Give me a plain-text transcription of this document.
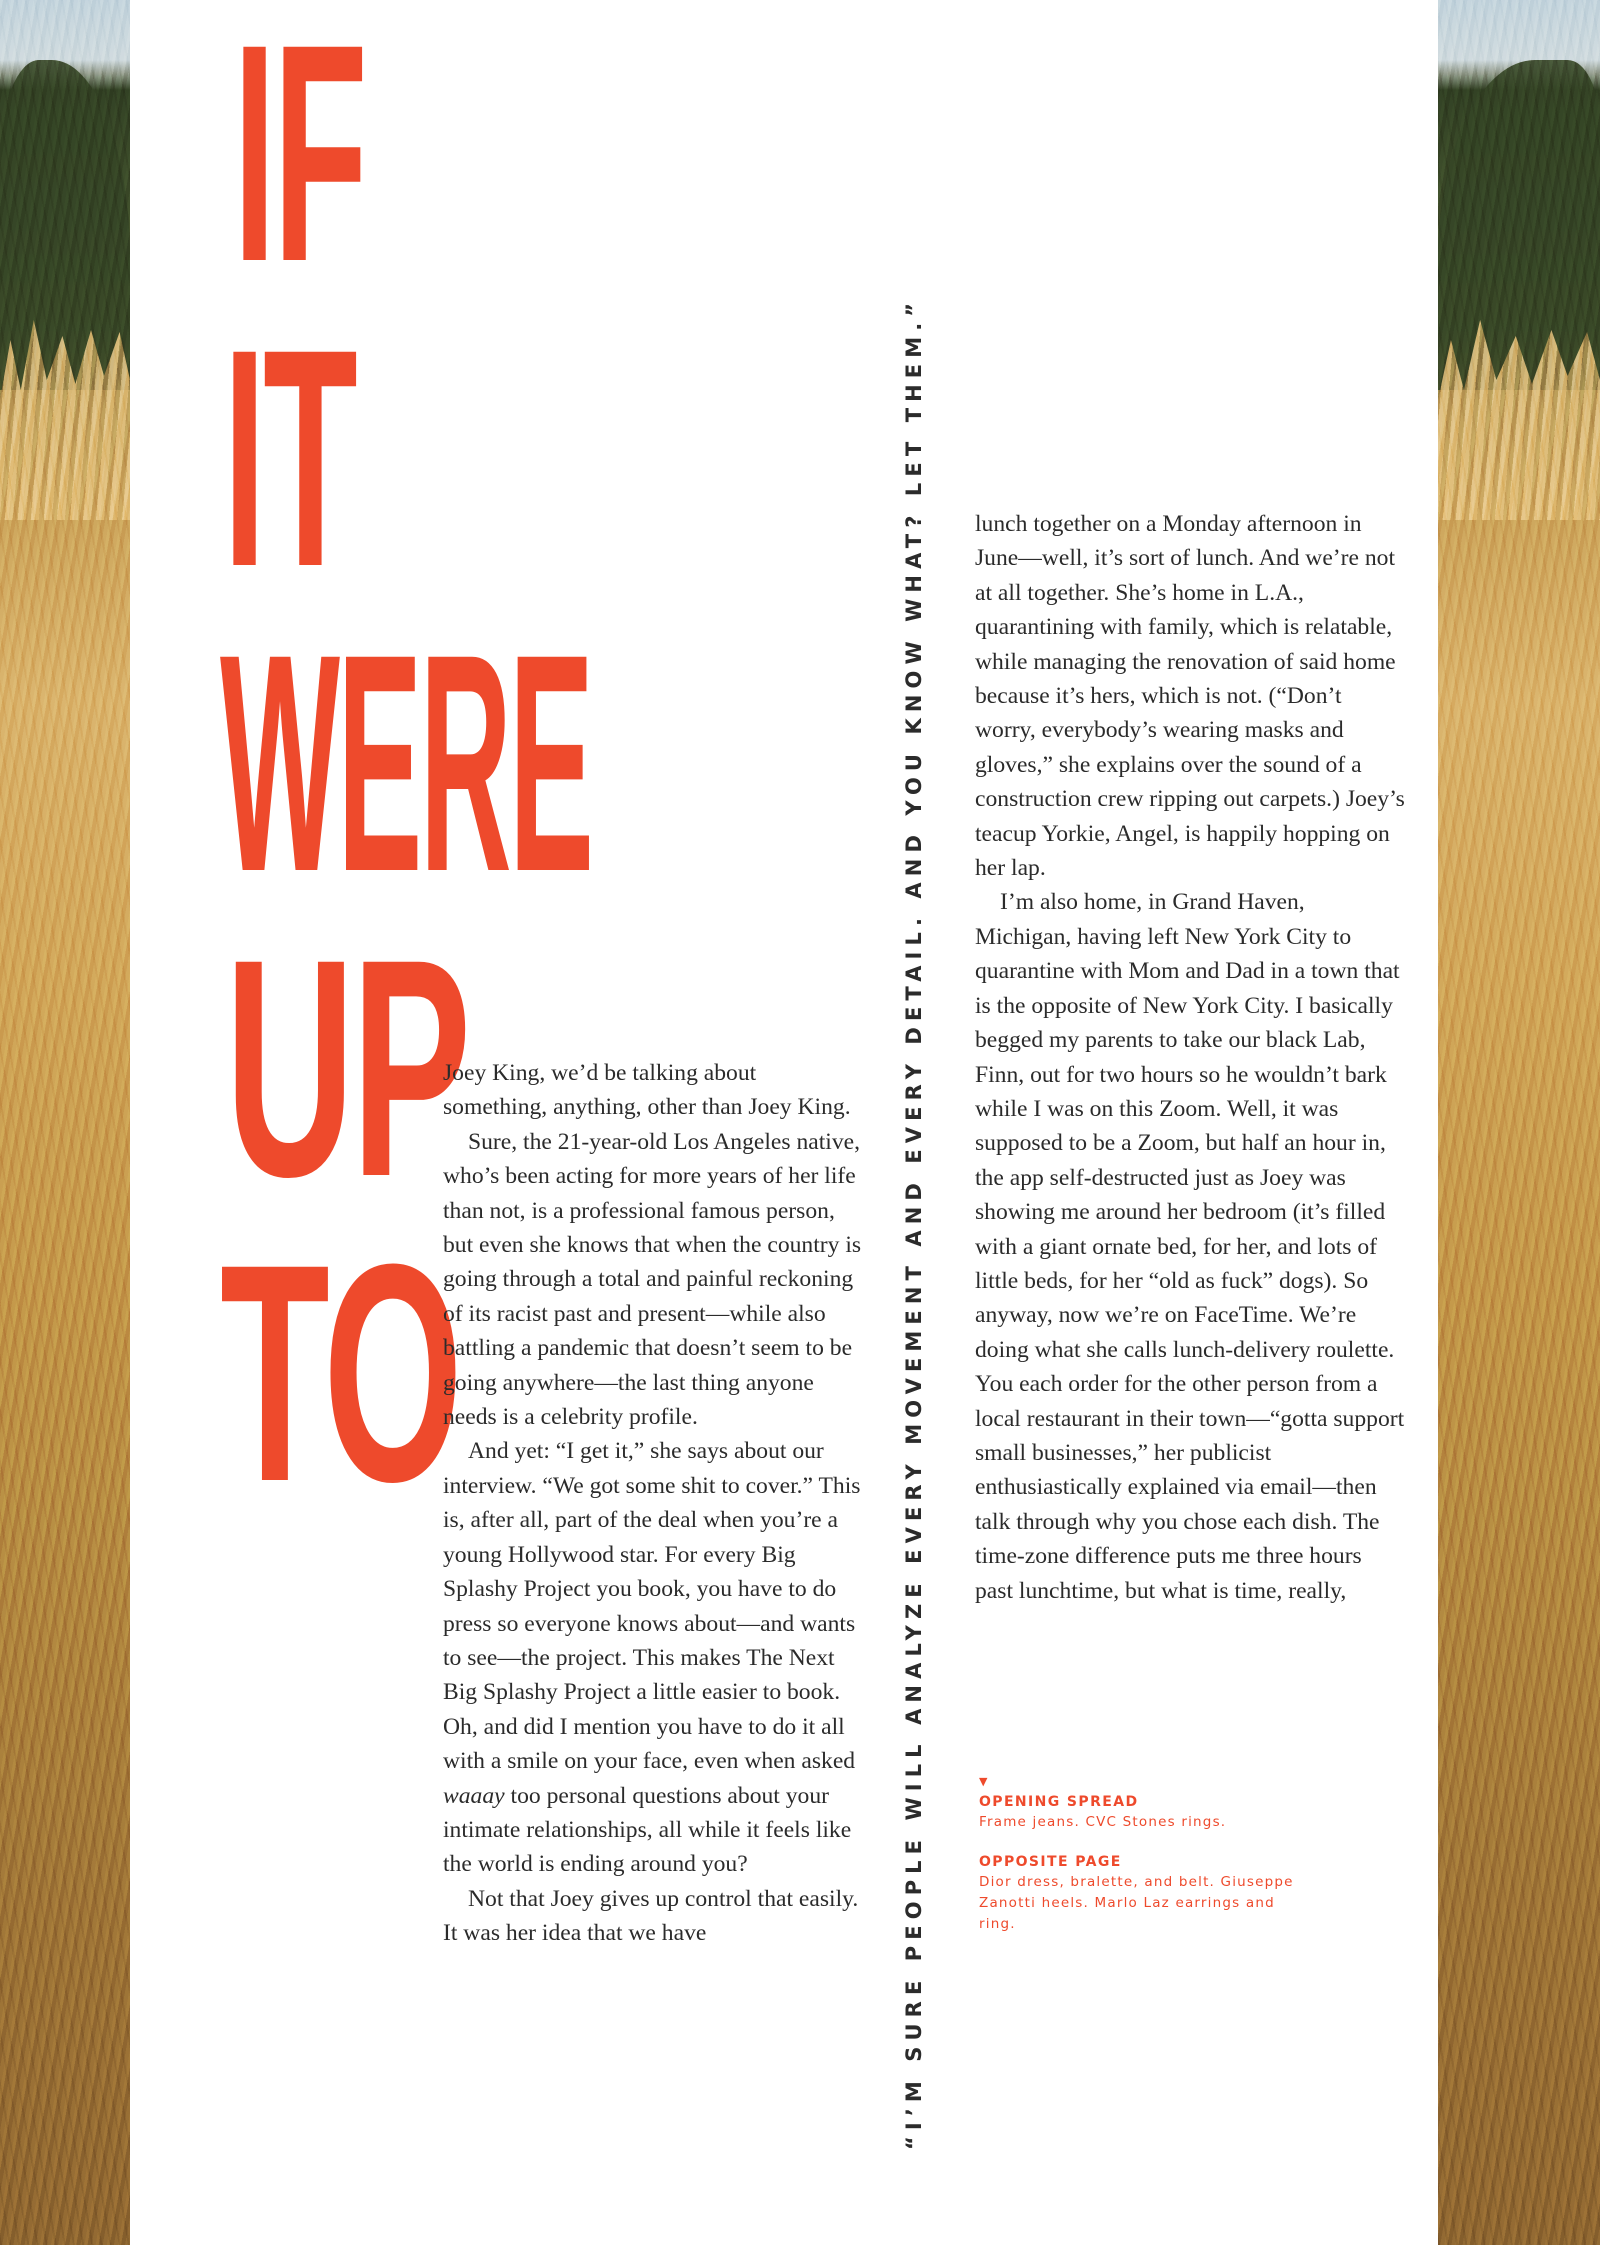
IF
IT
WERE
UP
TO

Joey King, we’d be talking about something, anything, other than Joey King.

Sure, the 21-year-old Los Angeles native, who’s been acting for more years of her life than not, is a professional famous person, but even she knows that when the country is going through a total and painful reckoning of its racist past and present—while also battling a pandemic that doesn’t seem to be going anywhere—the last thing anyone needs is a celebrity profile.

And yet: “I get it,” she says about our interview. “We got some shit to cover.” This is, after all, part of the deal when you’re a young Hollywood star. For every Big Splashy Project you book, you have to do press so everyone knows about—and wants to see—the project. This makes The Next Big Splashy Project a little easier to book. Oh, and did I mention you have to do it all with a smile on your face, even when asked waaay too personal questions about your intimate relationships, all while it feels like the world is ending around you?

Not that Joey gives up control that easily. It was her idea that we have	“I’M SURE PEOPLE WILL ANALYZE EVERY MOVEMENT AND EVERY DETAIL. AND YOU KNOW WHAT? LET THEM.” lunch together on a Monday afternoon in June—well, it’s sort of lunch. And we’re not at all together. She’s home in L.A., quarantining with family, which is relatable, while managing the renovation of said home because it’s hers, which is not. (“Don’t worry, everybody’s wearing masks and gloves,” she explains over the sound of a construction crew ripping out carpets.) Joey’s teacup Yorkie, Angel, is happily hopping on her lap.

I’m also home, in Grand Haven, Michigan, having left New York City to quarantine with Mom and Dad in a town that is the opposite of New York City. I basically begged my parents to take our black Lab, Finn, out for two hours so he wouldn’t bark while I was on this Zoom. Well, it was supposed to be a Zoom, but half an hour in, the app self-destructed just as Joey was showing me around her bedroom (it’s filled with a giant ornate bed, for her, and lots of little beds, for her “old as fuck” dogs). So anyway, now we’re on FaceTime. We’re doing what she calls lunch-delivery roulette. You each order for the other person from a local restaurant in their town—“gotta support small businesses,” her publicist enthusiastically explained via email—then talk through why you chose each dish. The time-zone difference puts me three hours past lunchtime, but what is time, really,

▼
OPENING SPREAD
Frame jeans. CVC Stones rings.
OPPOSITE PAGE
Dior dress, bralette, and belt. Giuseppe Zanotti heels. Marlo Laz earrings and ring.
